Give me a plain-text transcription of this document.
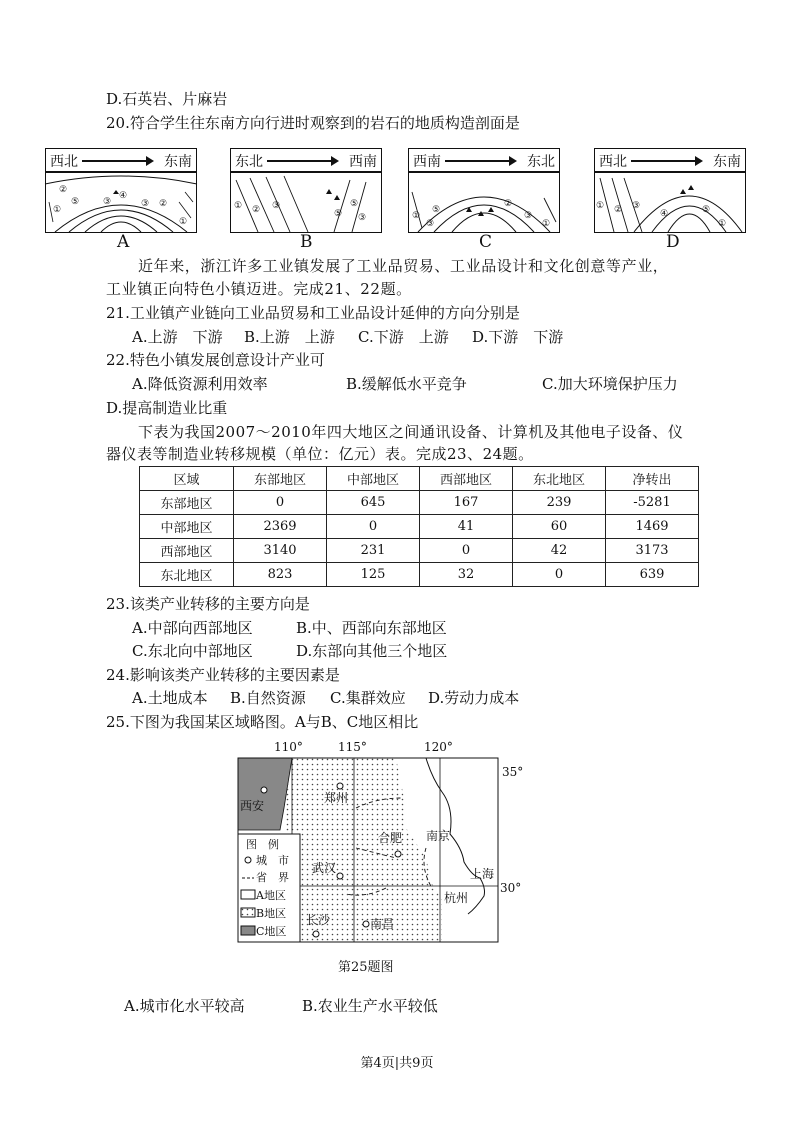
D.石英岩、片麻岩
20.符合学生往东南方向行进时观察到的岩石的地质构造剖面是
西北	东南
②
①
③
④
③ ②
①
⑤
A
东北	西南
① ② ③
⑤
⑤
③
B
西南	东北
①
⑤
②
③
①
③
C
西北	东南
① ② ③
④	⑤
①
D
近年来，浙江许多工业镇发展了工业品贸易、工业品设计和文化创意等产业，
工业镇正向特色小镇迈进。完成21、22题。
21.工业镇产业链向工业品贸易和工业品设计延伸的方向分别是
A.上游　下游 B.上游　上游 C.下游　上游 D.下游　下游
22.特色小镇发展创意设计产业可
A.降低资源利用效率	B.缓解低水平竞争	C.加大环境保护压力
D.提高制造业比重
下表为我国2007～2010年四大地区之间通讯设备、计算机及其他电子设备、仪
器仪表等制造业转移规模（单位：亿元）表。完成23、24题。
区域	东部地区	中部地区	西部地区	东北地区	净转出
东部地区	0	645	167	239	-5281
中部地区	2369	0	41	60	1469
西部地区	3140	231	0	42	3173
东北地区	823	125	32	0	639
23.该类产业转移的主要方向是
A.中部向西部地区	B.中、西部向东部地区
C.东北向中部地区	D.东部向其他三个地区
24.影响该类产业转移的主要因素是
A.土地成本 B.自然资源 C.集群效应 D.劳动力成本
25.下图为我国某区域略图。A与B、C地区相比
110°	115°	120°
35°
西安
郑州
合肥 南京
武汉	上海
杭州
长沙	南昌
图　例
城　市
省　界
A地区
B地区
C地区
30°
第25题图
A.城市化水平较高	B.农业生产水平较低
第4页|共9页
